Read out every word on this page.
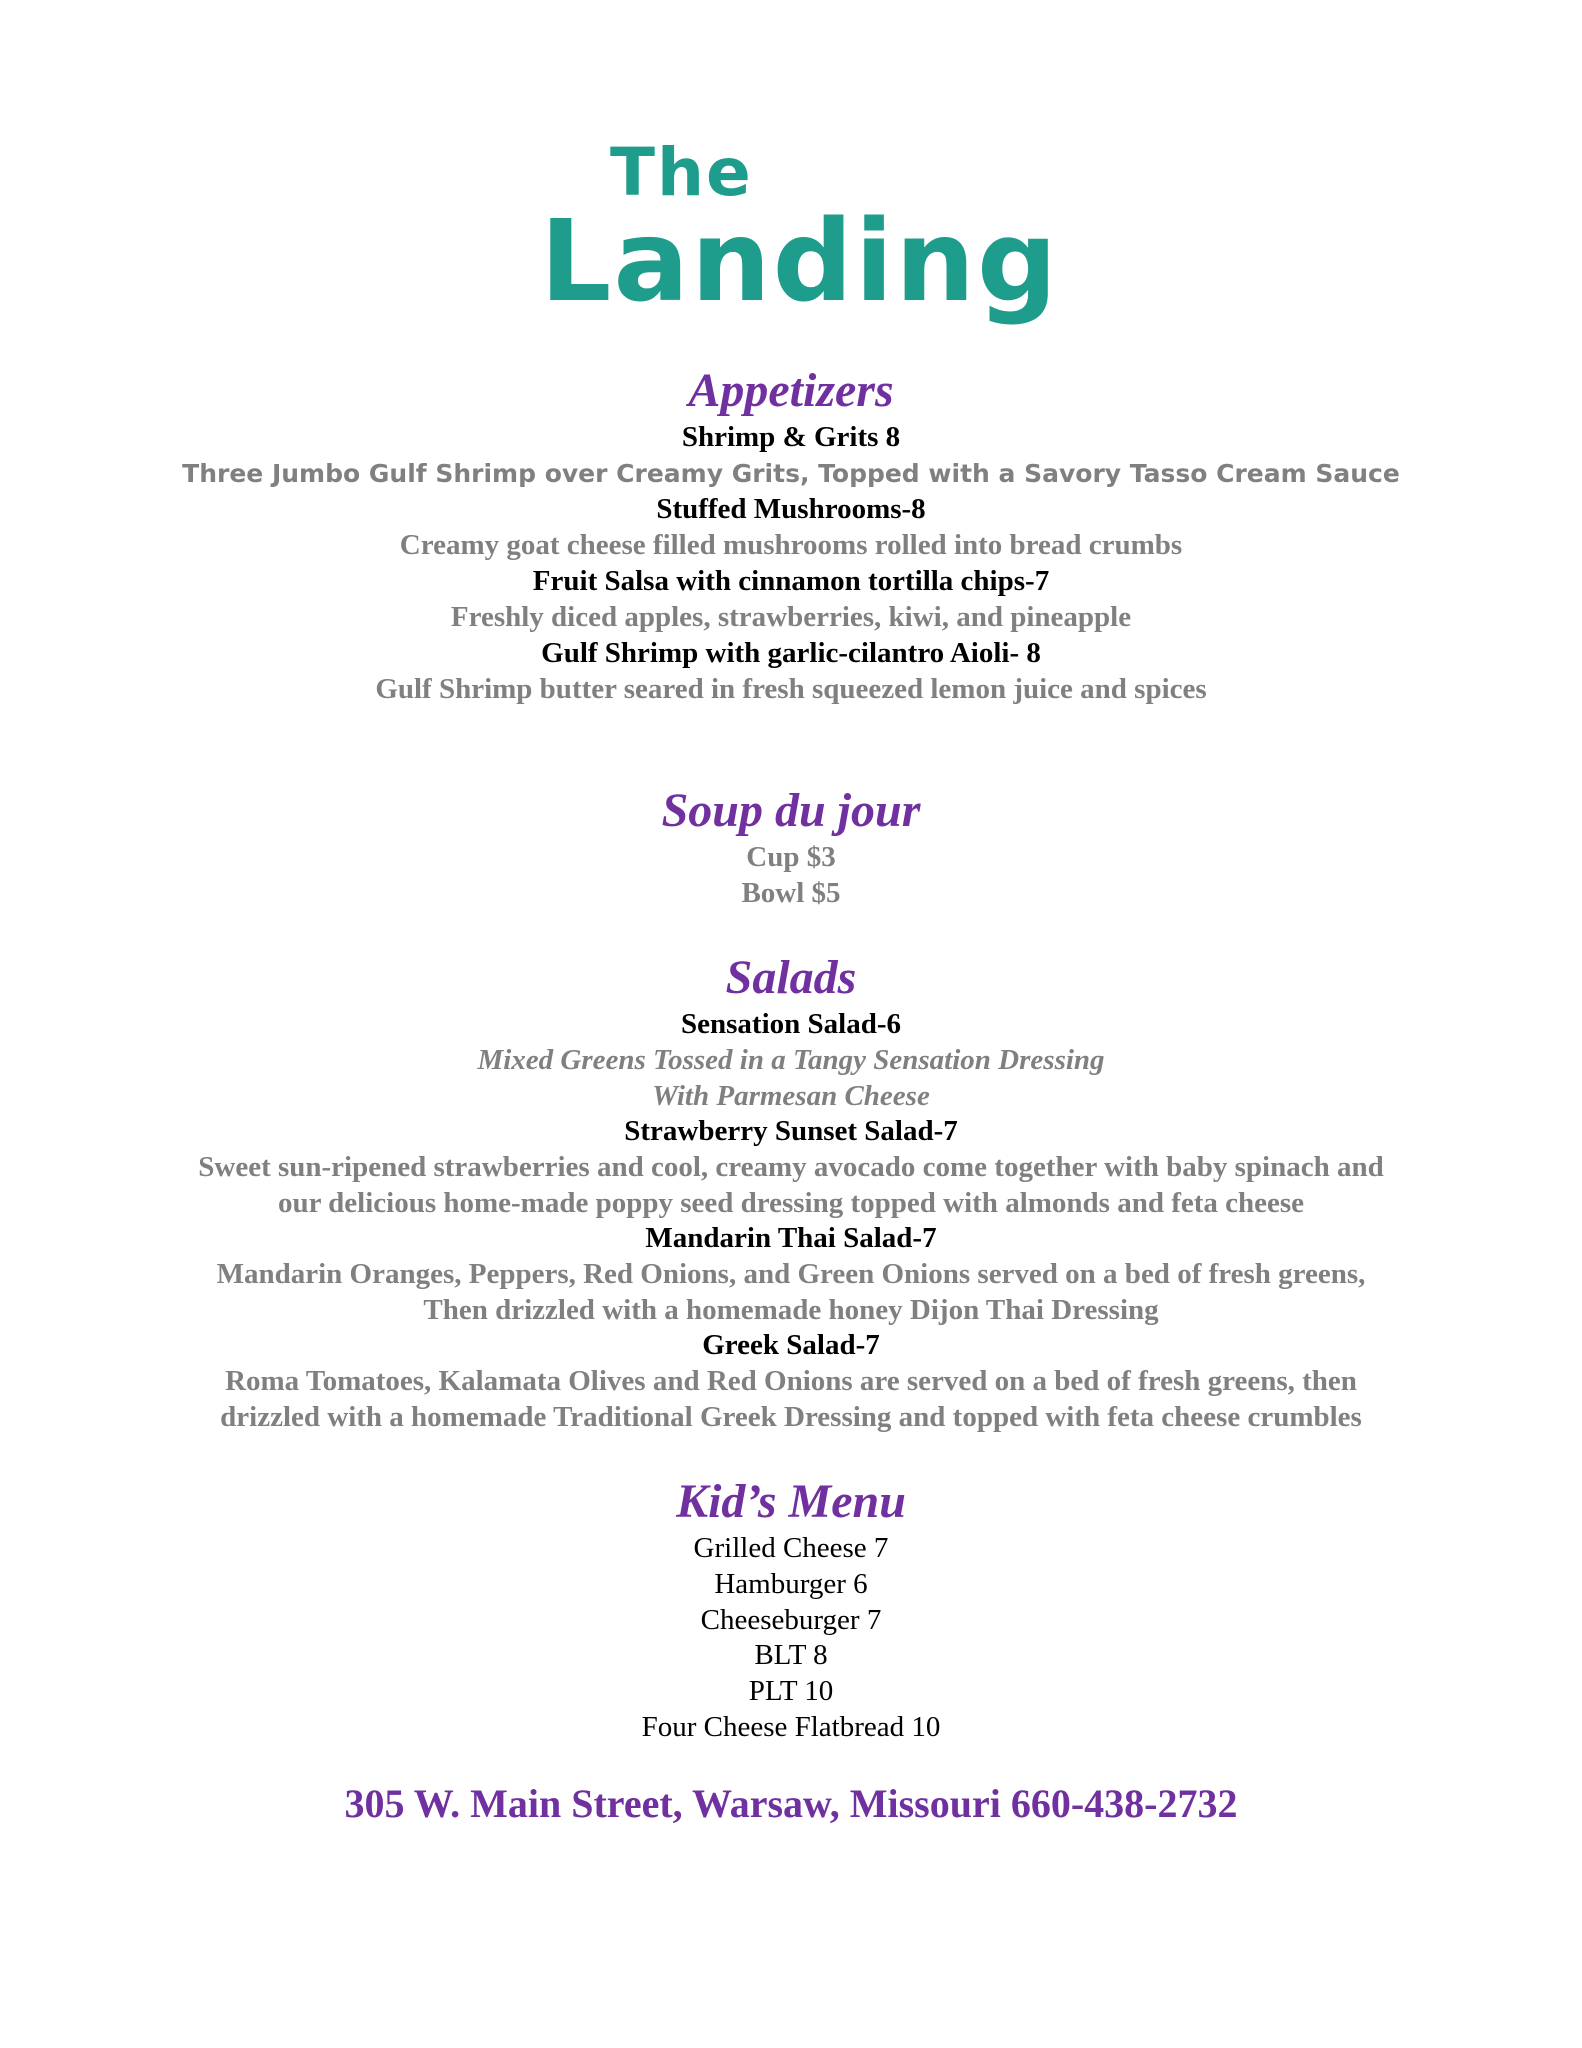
The
Landing
Appetizers
Shrimp & Grits 8
Three Jumbo Gulf Shrimp over Creamy Grits, Topped with a Savory Tasso Cream Sauce
Stuffed Mushrooms-8
Creamy goat cheese filled mushrooms rolled into bread crumbs
Fruit Salsa with cinnamon tortilla chips-7
Freshly diced apples, strawberries, kiwi, and pineapple
Gulf Shrimp with garlic-cilantro Aioli- 8
Gulf Shrimp butter seared in fresh squeezed lemon juice and spices
Soup du jour
Cup $3
Bowl $5
Salads
Sensation Salad-6
Mixed Greens Tossed in a Tangy Sensation Dressing
With Parmesan Cheese
Strawberry Sunset Salad-7
Sweet sun-ripened strawberries and cool, creamy avocado come together with baby spinach and
our delicious home-made poppy seed dressing topped with almonds and feta cheese
Mandarin Thai Salad-7
Mandarin Oranges, Peppers, Red Onions, and Green Onions served on a bed of fresh greens,
Then drizzled with a homemade honey Dijon Thai Dressing
Greek Salad-7
Roma Tomatoes, Kalamata Olives and Red Onions are served on a bed of fresh greens, then
drizzled with a homemade Traditional Greek Dressing and topped with feta cheese crumbles
Kid’s Menu
Grilled Cheese 7
Hamburger 6
Cheeseburger 7
BLT 8
PLT 10
Four Cheese Flatbread 10
305 W. Main Street, Warsaw, Missouri 660-438-2732
